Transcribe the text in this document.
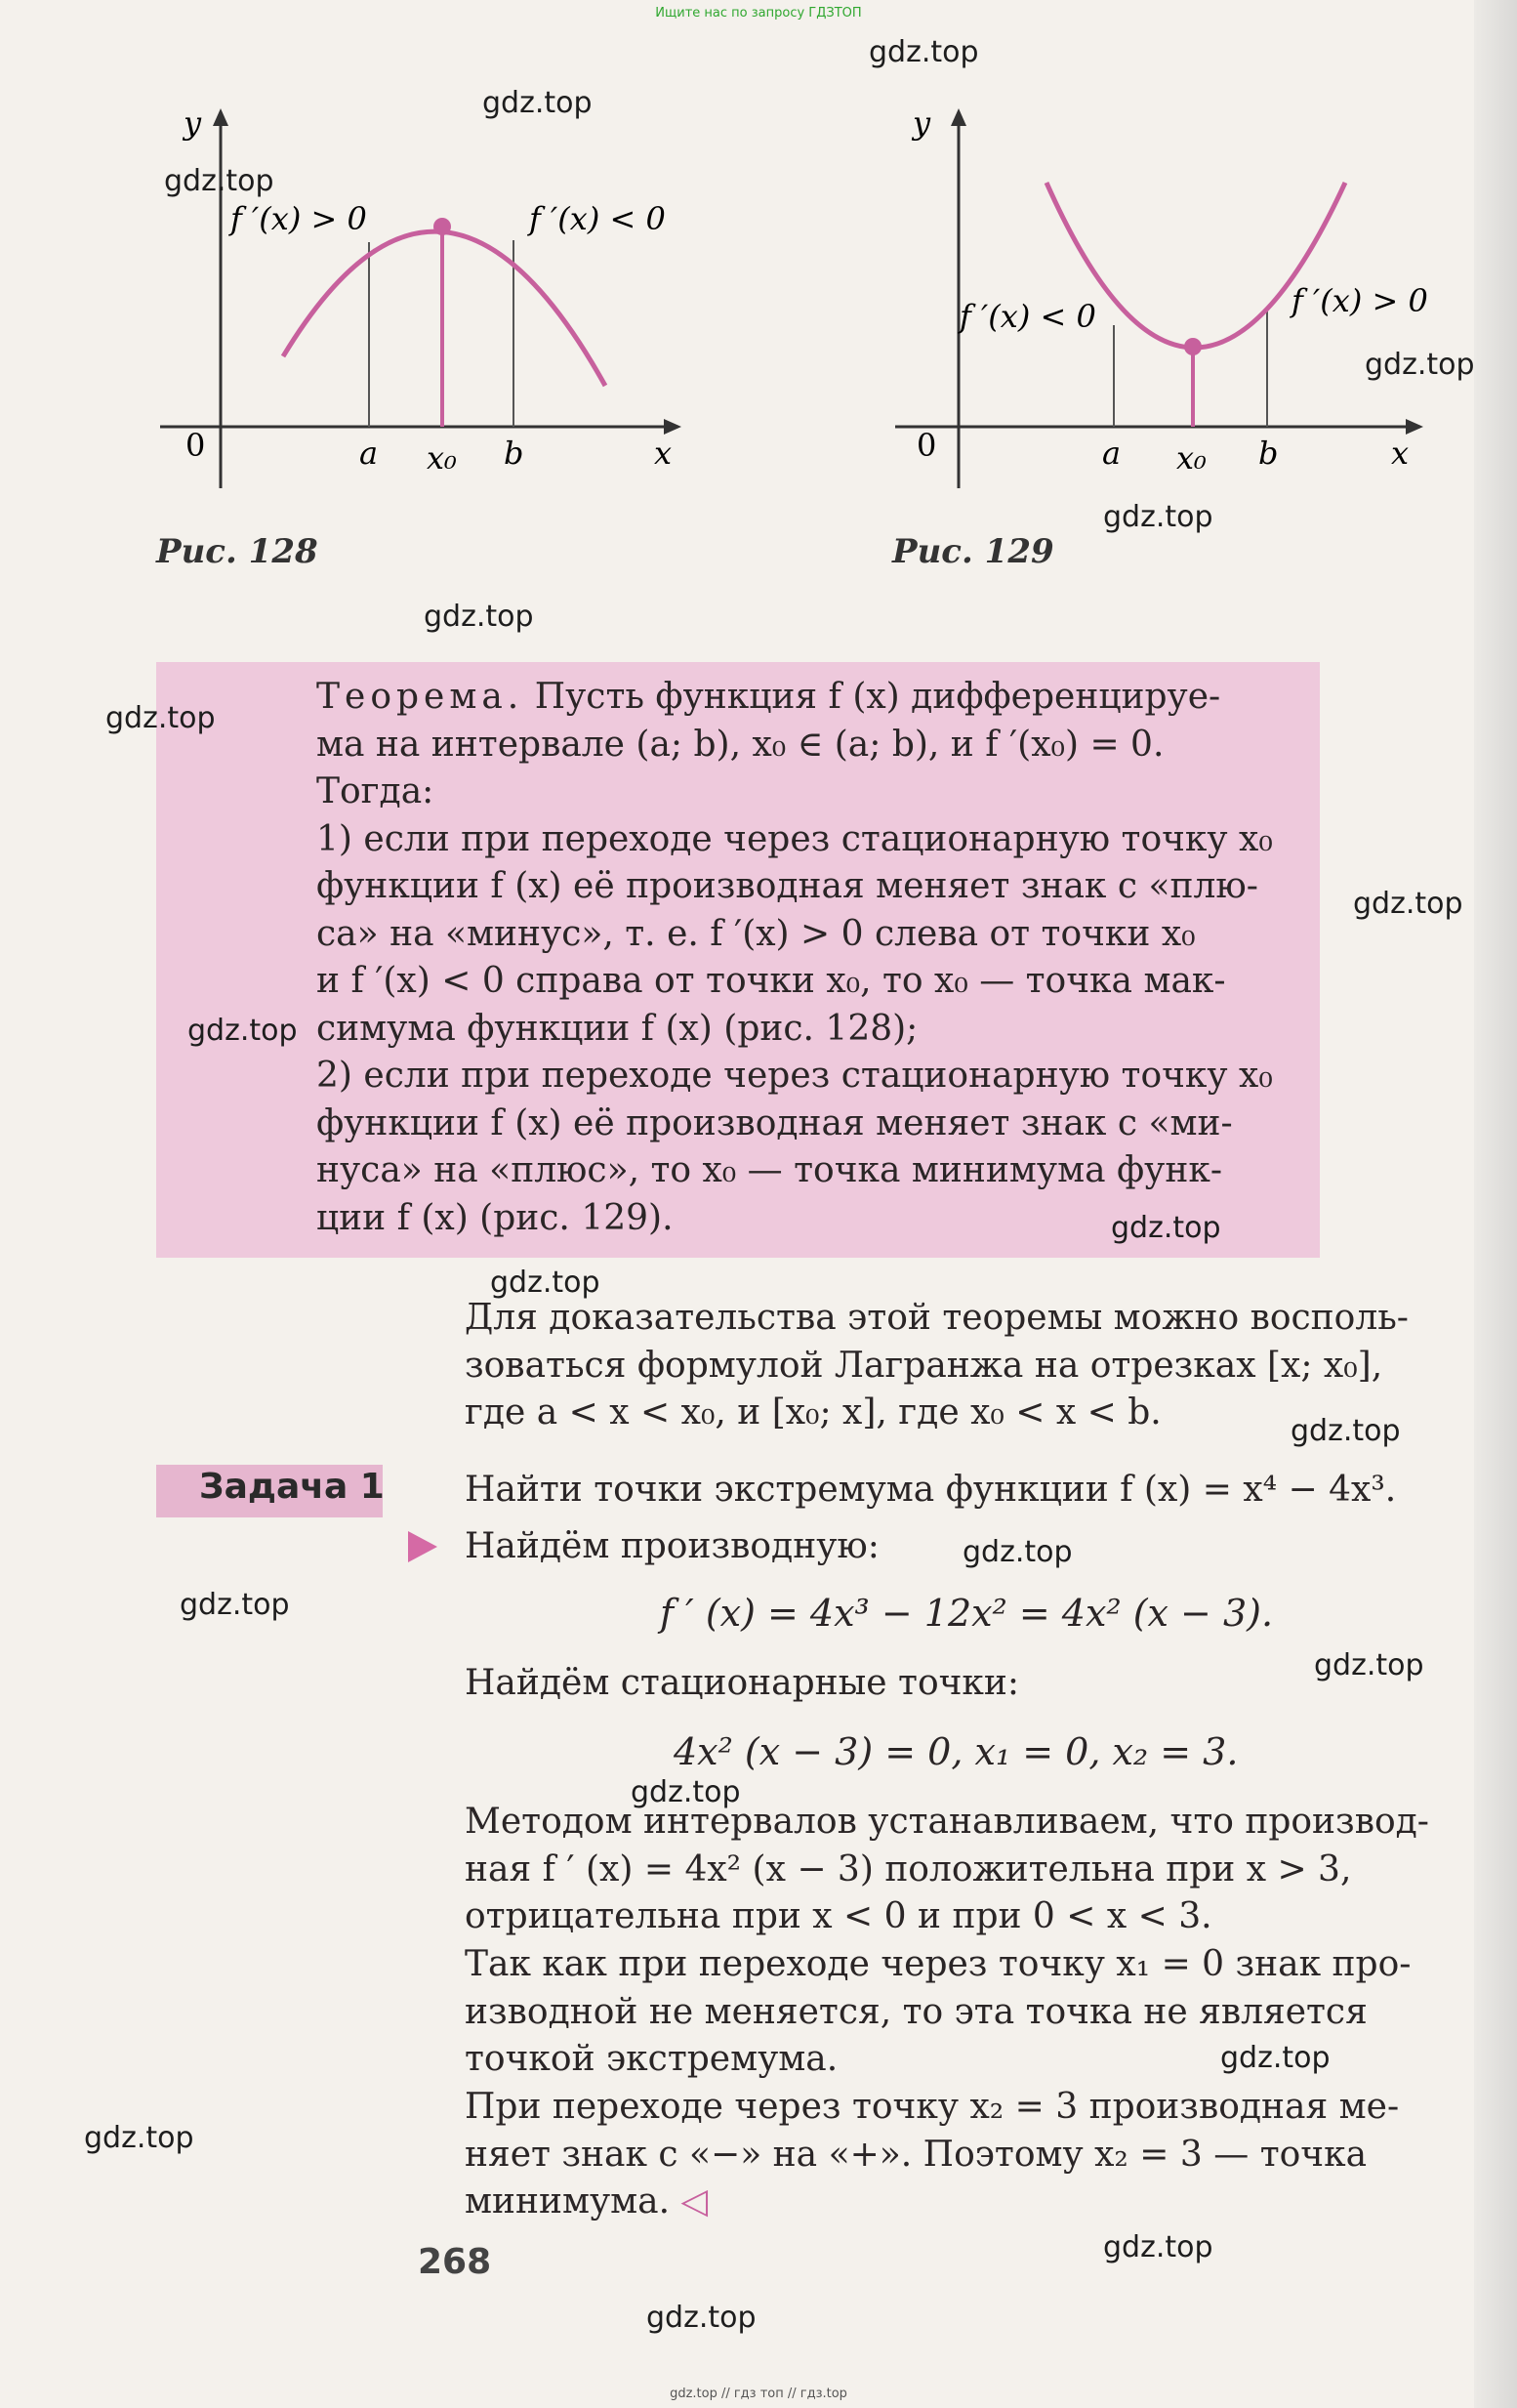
Ищите нас по запросу ГДЗТОП
y
0	a x₀ b	x
f ′(x) > 0	f ′(x) < 0
Рис. 128
y
0	a x₀ b	x
f ′(x) < 0	f ′(x) > 0
Рис. 129
Теорема. Пусть функция f (x) дифференцируе-
ма на интервале (a; b), x₀ ∈ (a; b), и f ′(x₀) = 0.
Тогда:
1) если при переходе через стационарную точку x₀
функции f (x) её производная меняет знак с «плю-
са» на «минус», т. е. f ′(x) > 0 слева от точки x₀
и f ′(x) < 0 справа от точки x₀, то x₀ — точка мак-
симума функции f (x) (рис. 128);
2) если при переходе через стационарную точку x₀
функции f (x) её производная меняет знак с «ми-
нуса» на «плюс», то x₀ — точка минимума функ-
ции f (x) (рис. 129).
Для доказательства этой теоремы можно восполь-
зоваться формулой Лагранжа на отрезках [x; x₀],
где a < x < x₀, и [x₀; x], где x₀ < x < b.
Задача 1 Найти точки экстремума функции f (x) = x⁴ − 4x³.
Найдём производную:
f ′ (x) = 4x³ − 12x² = 4x² (x − 3).
Найдём стационарные точки:
4x² (x − 3) = 0, x₁ = 0, x₂ = 3.
Методом интервалов устанавливаем, что производ-
ная f ′ (x) = 4x² (x − 3) положительна при x > 3,
отрицательна при x < 0 и при 0 < x < 3.
Так как при переходе через точку x₁ = 0 знак про-
изводной не меняется, то эта точка не является
точкой экстремума.
При переходе через точку x₂ = 3 производная ме-
няет знак с «−» на «+». Поэтому x₂ = 3 — точка
минимума. ◁
268
gdz.top
gdz.top
gdz.top
gdz.top
gdz.top
gdz.top
gdz.top
gdz.top
gdz.top
gdz.top
gdz.top
gdz.top
gdz.top
gdz.top
gdz.top
gdz.top
gdz.top
gdz.top
gdz.top
gdz.top
gdz.top // гдз топ // гдз.top
